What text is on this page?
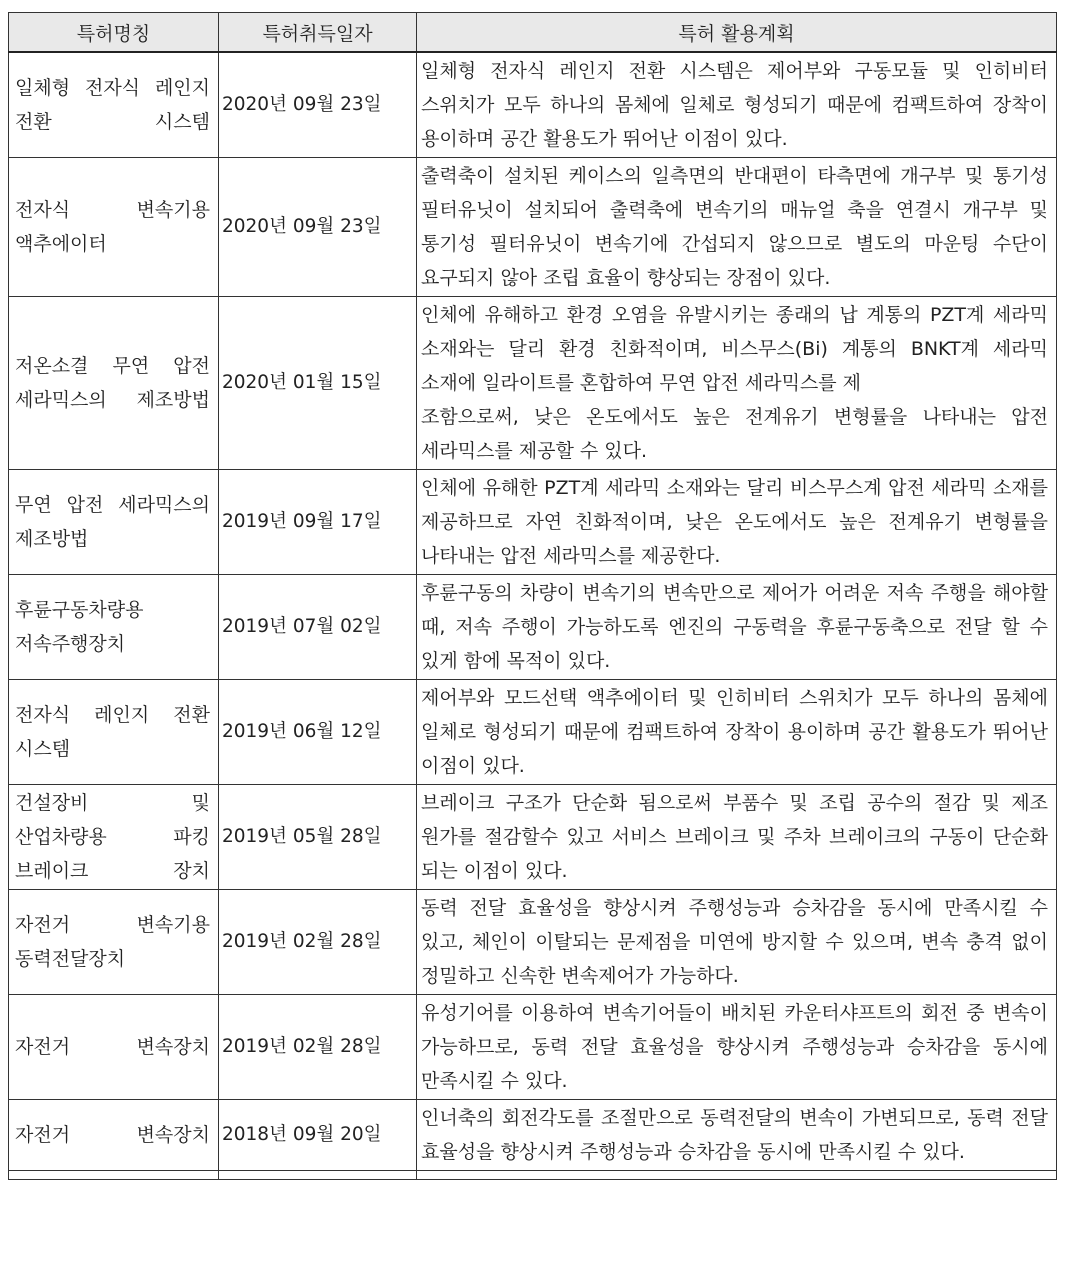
특허명칭	특허취득일자	특허 활용계획
일체형 전자식 레인지 전환 시스템	2020년 09월 23일	일체형 전자식 레인지 전환 시스템은 제어부와 구동모듈 및 인히비터 스위치가 모두 하나의 몸체에 일체로 형성되기 때문에 컴팩트하여 장착이 용이하며 공간 활용도가 뛰어난 이점이 있다.
전자식 변속기용 액추에이터	2020년 09월 23일	출력축이 설치된 케이스의 일측면의 반대편이 타측면에 개구부 및 통기성 필터유닛이 설치되어 출력축에 변속기의 매뉴얼 축을 연결시 개구부 및 통기성 필터유닛이 변속기에 간섭되지 않으므로 별도의 마운팅 수단이 요구되지 않아 조립 효율이 향상되는 장점이 있다.
저온소결 무연 압전 세라믹스의 제조방법	2020년 01월 15일	인체에 유해하고 환경 오염을 유발시키는 종래의 납 계통의 PZT계 세라믹 소재와는 달리 환경 친화적이며, 비스무스(Bi) 계통의 BNKT계 세라믹 소재에 일라이트를 혼합하여 무연 압전 세라믹스를 제
조함으로써, 낮은 온도에서도 높은 전계유기 변형률을 나타내는 압전 세라믹스를 제공할 수 있다.
무연 압전 세라믹스의 제조방법	2019년 09월 17일	인체에 유해한 PZT계 세라믹 소재와는 달리 비스무스계 압전 세라믹 소재를 제공하므로 자연 친화적이며, 낮은 온도에서도 높은 전계유기 변형률을 나타내는 압전 세라믹스를 제공한다.
후륜구동차량용 저속주행장치	2019년 07월 02일	후륜구동의 차량이 변속기의 변속만으로 제어가 어려운 저속 주행을 해야할 때, 저속 주행이 가능하도록 엔진의 구동력을 후륜구동축으로 전달 할 수 있게 함에 목적이 있다.
전자식 레인지 전환 시스템	2019년 06월 12일	제어부와 모드선택 액추에이터 및 인히비터 스위치가 모두 하나의 몸체에 일체로 형성되기 때문에 컴팩트하여 장착이 용이하며 공간 활용도가 뛰어난 이점이 있다.
건설장비 및 산업차량용 파킹 브레이크 장치	2019년 05월 28일	브레이크 구조가 단순화 됨으로써 부품수 및 조립 공수의 절감 및 제조 원가를 절감할수 있고 서비스 브레이크 및 주차 브레이크의 구동이 단순화 되는 이점이 있다.
자전거 변속기용 동력전달장치	2019년 02월 28일	동력 전달 효율성을 향상시켜 주행성능과 승차감을 동시에 만족시킬 수 있고, 체인이 이탈되는 문제점을 미연에 방지할 수 있으며, 변속 충격 없이 정밀하고 신속한 변속제어가 가능하다.
자전거 변속장치	2019년 02월 28일	유성기어를 이용하여 변속기어들이 배치된 카운터샤프트의 회전 중 변속이 가능하므로, 동력 전달 효율성을 향상시켜 주행성능과 승차감을 동시에 만족시킬 수 있다.
자전거 변속장치	2018년 09월 20일	인너축의 회전각도를 조절만으로 동력전달의 변속이 가변되므로, 동력 전달 효율성을 향상시켜 주행성능과 승차감을 동시에 만족시킬 수 있다.
